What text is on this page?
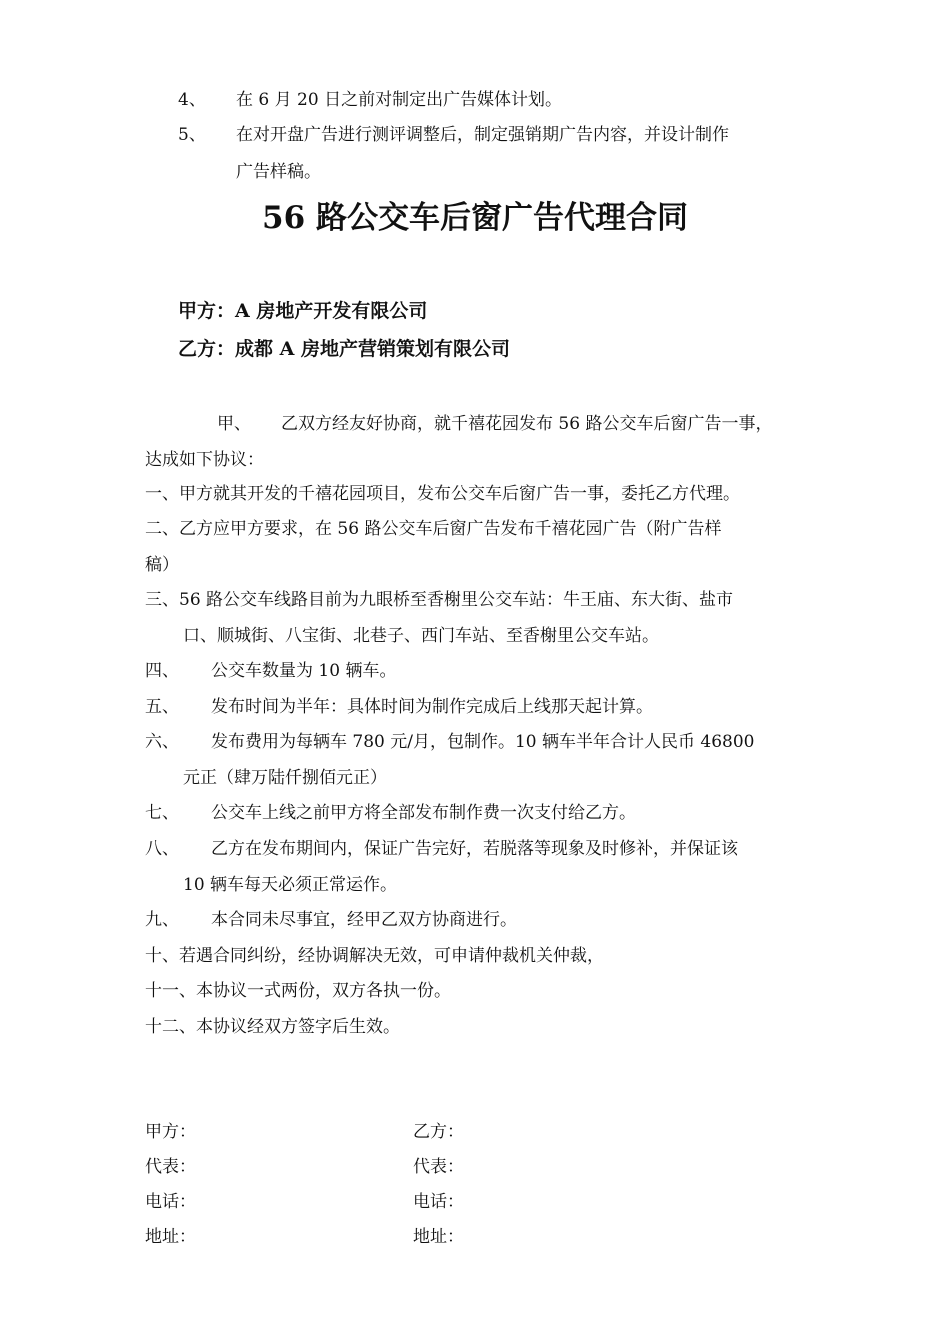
4、 在 6 月 20 日之前对制定出广告媒体计划。
5、 在对开盘广告进行测评调整后，制定强销期广告内容，并设计制作
广告样稿。
56 路公交车后窗广告代理合同
甲方：A 房地产开发有限公司
乙方：成都 A 房地产营销策划有限公司
甲、 乙双方经友好协商，就千禧花园发布 56 路公交车后窗广告一事，
达成如下协议：
一、甲方就其开发的千禧花园项目，发布公交车后窗广告一事，委托乙方代理。
二、乙方应甲方要求，在 56 路公交车后窗广告发布千禧花园广告（附广告样
稿）
三、56 路公交车线路目前为九眼桥至香榭里公交车站：牛王庙、东大街、盐市
口、顺城街、八宝街、北巷子、西门车站、至香榭里公交车站。
四、 公交车数量为 10 辆车。
五、 发布时间为半年：具体时间为制作完成后上线那天起计算。
六、 发布费用为每辆车 780 元/月，包制作。10 辆车半年合计人民币 46800
元正（肆万陆仟捌佰元正）
七、 公交车上线之前甲方将全部发布制作费一次支付给乙方。
八、 乙方在发布期间内，保证广告完好，若脱落等现象及时修补，并保证该
10 辆车每天必须正常运作。
九、 本合同未尽事宜，经甲乙双方协商进行。
十、若遇合同纠纷，经协调解决无效，可申请仲裁机关仲裁，
十一、本协议一式两份，双方各执一份。
十二、本协议经双方签字后生效。
甲方：
代表：
电话：
地址：
乙方：
代表：
电话：
地址：
